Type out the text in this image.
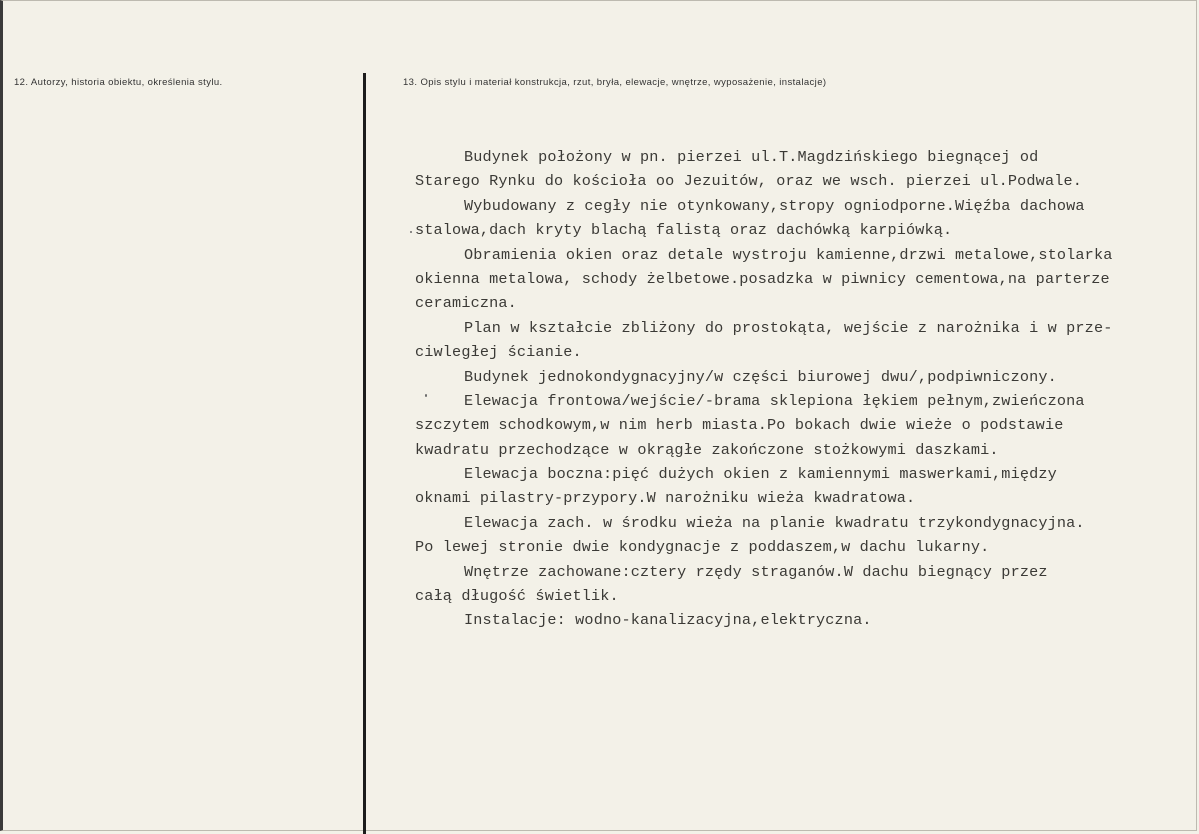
12. Autorzy, historia obiektu, określenia stylu.	13. Opis stylu i materiał konstrukcja, rzut, bryła, elewacje, wnętrze, wyposażenie, instalacje)
Budynek położony w pn. pierzei ul.T.Magdzińskiego biegnącej od
Starego Rynku do kościoła oo Jezuitów, oraz we wsch. pierzei ul.Podwale.
Wybudowany z cegły nie otynkowany,stropy ogniodporne.Więźba dachowa
stalowa,dach kryty blachą falistą oraz dachówką karpiówką.
Obramienia okien oraz detale wystroju kamienne,drzwi metalowe,stolarka
okienna metalowa, schody żelbetowe.posadzka w piwnicy cementowa,na parterze
ceramiczna.
Plan w kształcie zbliżony do prostokąta, wejście z narożnika i w prze-
ciwległej ścianie.
Budynek jednokondygnacyjny/w części biurowej dwu/,podpiwniczony.
Elewacja frontowa/wejście/-brama sklepiona łękiem pełnym,zwieńczona
szczytem schodkowym,w nim herb miasta.Po bokach dwie wieże o podstawie
kwadratu przechodzące w okrągłe zakończone stożkowymi daszkami.
Elewacja boczna:pięć dużych okien z kamiennymi maswerkami,między
oknami pilastry-przypory.W narożniku wieża kwadratowa.
Elewacja zach. w środku wieża na planie kwadratu trzykondygnacyjna.
Po lewej stronie dwie kondygnacje z poddaszem,w dachu lukarny.
Wnętrze zachowane:cztery rzędy straganów.W dachu biegnący przez
całą długość świetlik.
Instalacje: wodno-kanalizacyjna,elektryczna.
